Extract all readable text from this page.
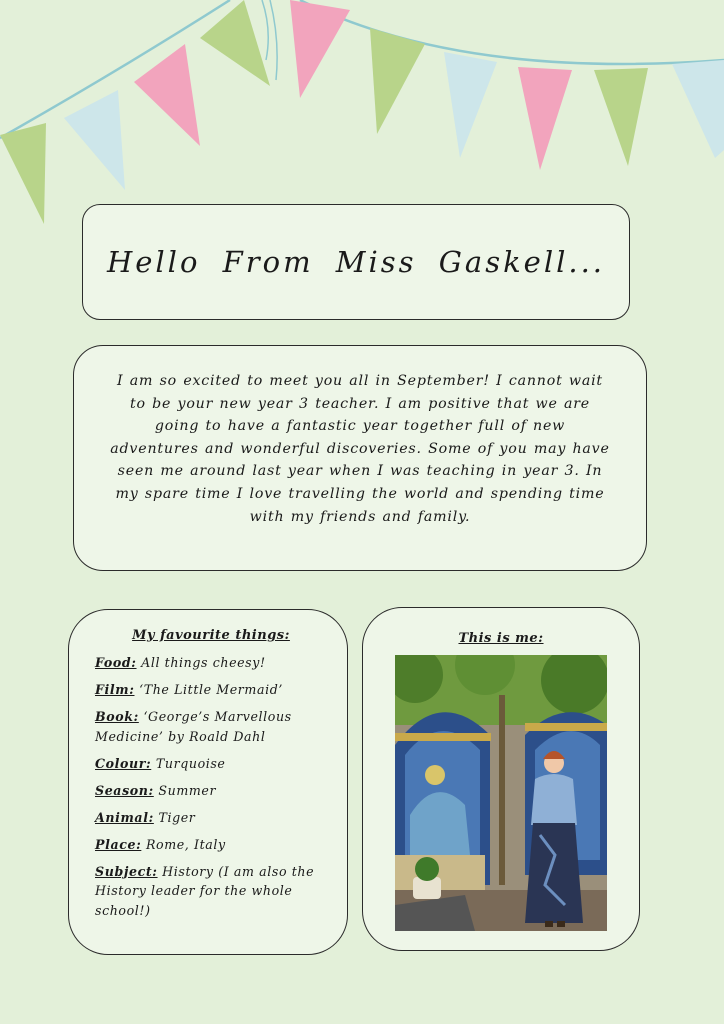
Hello From Miss Gaskell...

I am so excited to meet you all in September! I cannot wait to be your new year 3 teacher. I am positive that we are going to have a fantastic year together full of new adventures and wonderful discoveries. Some of you may have seen me around last year when I was teaching in year 3. In my spare time I love travelling the world and spending time with my friends and family.

My favourite things:
Food: All things cheesy!
Film: ‘The Little Mermaid’
Book: ‘George’s Marvellous Medicine’ by Roald Dahl
Colour: Turquoise
Season: Summer
Animal: Tiger
Place: Rome, Italy
Subject: History (I am also the History leader for the whole school!)
This is me:
